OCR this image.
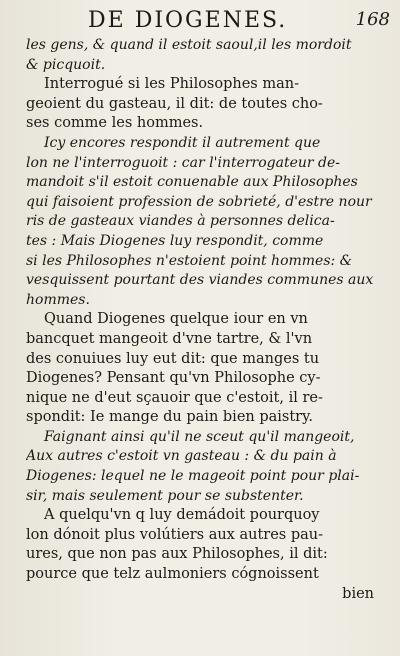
DE DIOGENES.	168
les gens, & quand il estoit saoul,il les mordoit
& picquoit.
Interrogué si les Philosophes man-
geoient du gasteau, il dit: de toutes cho-
ses comme les hommes.
Icy encores respondit il autrement que
lon ne l'interroguoit : car l'interrogateur de-
mandoit s'il estoit conuenable aux Philosophes
qui faisoient profession de sobrieté, d'estre nour
ris de gasteaux viandes à personnes delica-
tes : Mais Diogenes luy respondit, comme
si les Philosophes n'estoient point hommes: &
vesquissent pourtant des viandes communes aux
hommes.
Quand Diogenes quelque iour en vn
bancquet mangeoit d'vne tartre, & l'vn
des conuiues luy eut dit: que manges tu
Diogenes? Pensant qu'vn Philosophe cy-
nique ne d'eut sçauoir que c'estoit, il re-
spondit: Ie mange du pain bien paistry.
Faignant ainsi qu'il ne sceut qu'il mangeoit,
Aux autres c'estoit vn gasteau : & du pain à
Diogenes: lequel ne le mageoit point pour plai-
sir, mais seulement pour se substenter.
A quelqu'vn q luy demádoit pourquoy
lon dónoit plus volútiers aux autres pau-
ures, que non pas aux Philosophes, il dit:
pource que telz aulmoniers cógnoissent
bien
